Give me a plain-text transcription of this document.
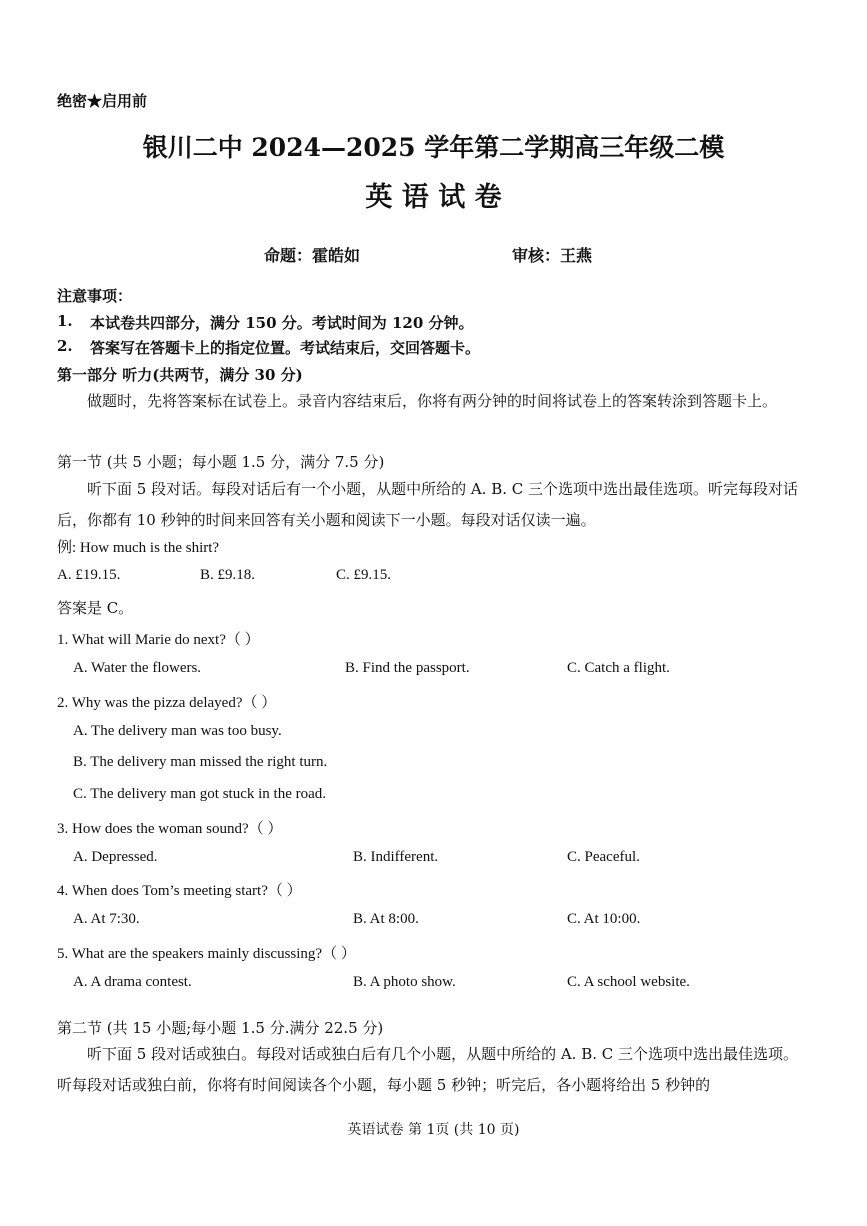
绝密★启用前
银川二中 2024—2025 学年第二学期高三年级二模
英 语 试 卷
命题：霍皓如	审核：王燕
注意事项：
1. 本试卷共四部分，满分 150 分。考试时间为 120 分钟。
2. 答案写在答题卡上的指定位置。考试结束后，交回答题卡。
第一部分 听力(共两节，满分 30 分)
做题时，先将答案标在试卷上。录音内容结束后，你将有两分钟的时间将试卷上的答案转涂到答题卡上。
第一节 (共 5 小题；每小题 1.5 分，满分 7.5 分)
听下面 5 段对话。每段对话后有一个小题，从题中所给的 A. B. C 三个选项中选出最佳选项。听完每段对话后，你都有 10 秒钟的时间来回答有关小题和阅读下一小题。每段对话仅读一遍。
例: How much is the shirt?
A. £19.15.	B. £9.18.	C. £9.15.
答案是 C。
1. What will Marie do next?（ ）
A. Water the flowers.	B. Find the passport.	C. Catch a flight.
2. Why was the pizza delayed?（ ）
A. The delivery man was too busy.
B. The delivery man missed the right turn.
C. The delivery man got stuck in the road.
3. How does the woman sound?（ ）
A. Depressed.	B. Indifferent.	C. Peaceful.
4. When does Tom’s meeting start?（ ）
A. At 7:30.	B. At 8:00.	C. At 10:00.
5. What are the speakers mainly discussing?（ ）
A. A drama contest.	B. A photo show.	C. A school website.
第二节 (共 15 小题;每小题 1.5 分.满分 22.5 分)
听下面 5 段对话或独白。每段对话或独白后有几个小题，从题中所给的 A. B. C 三个选项中选出最佳选项。听每段对话或独白前，你将有时间阅读各个小题，每小题 5 秒钟；听完后，各小题将给出 5 秒钟的
英语试卷 第 1页 (共 10 页)
